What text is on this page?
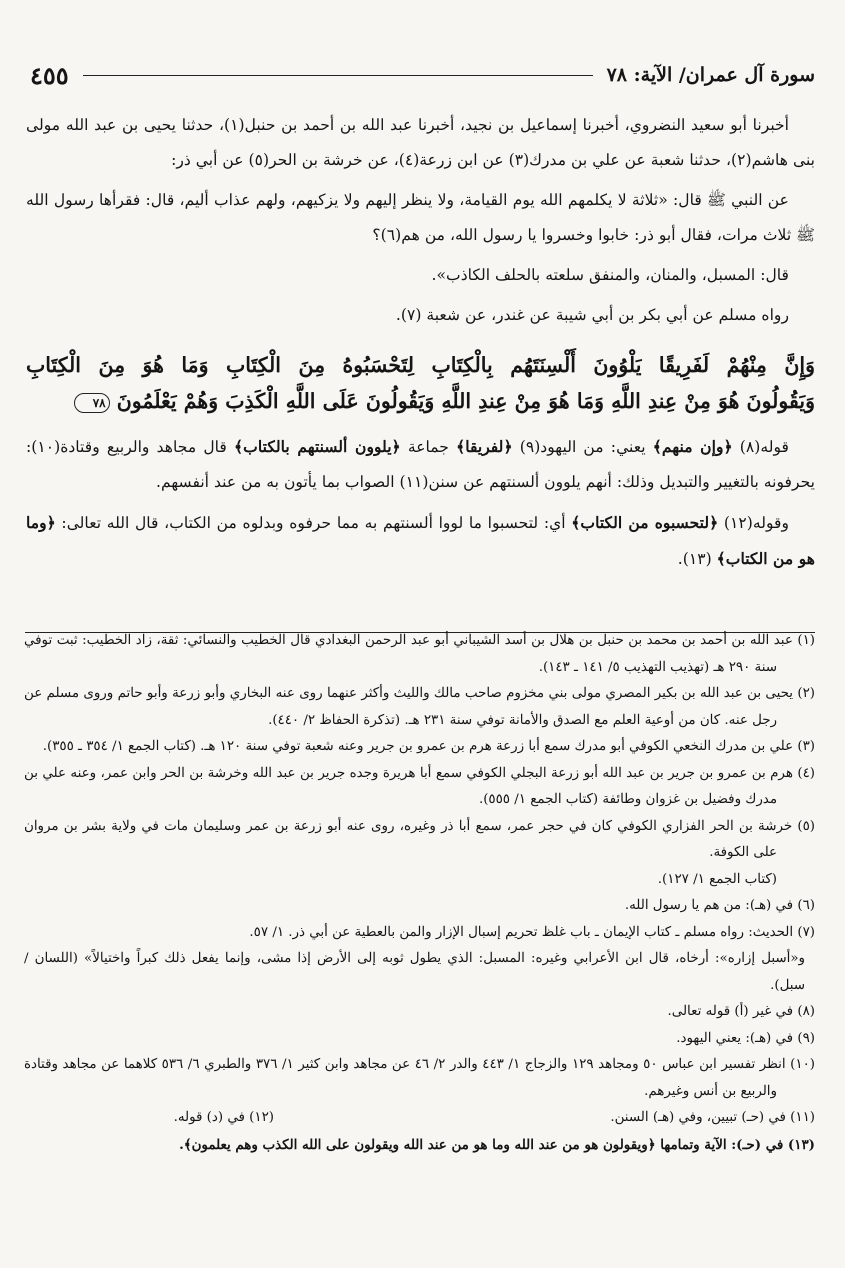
سورة آل عمران/ الآية: ٧٨
٤٥٥

أخبرنا أبو سعيد النضروي، أخبرنا إسماعيل بن نجيد، أخبرنا عبد الله بن أحمد بن حنبل(١)، حدثنا يحيى بن عبد الله مولى بنى هاشم(٢)، حدثنا شعبة عن علي بن مدرك(٣) عن ابن زرعة(٤)، عن خرشة بن الحر(٥) عن أبي ذر:

عن النبي ﷺ قال: «ثلاثة لا يكلمهم الله يوم القيامة، ولا ينظر إليهم ولا يزكيهم، ولهم عذاب أليم، قال: فقرأها رسول الله ﷺ ثلاث مرات، فقال أبو ذر: خابوا وخسروا يا رسول الله، من هم(٦)؟

قال: المسبل، والمنان، والمنفق سلعته بالحلف الكاذب».

رواه مسلم عن أبي بكر بن أبي شيبة عن غندر، عن شعبة (٧).

وَإِنَّ مِنْهُمْ لَفَرِيقًا يَلْوُونَ أَلْسِنَتَهُم بِالْكِتَابِ لِتَحْسَبُوهُ مِنَ الْكِتَابِ وَمَا هُوَ مِنَ الْكِتَابِ
وَيَقُولُونَ هُوَ مِنْ عِندِ اللَّهِ وَمَا هُوَ مِنْ عِندِ اللَّهِ وَيَقُولُونَ عَلَى اللَّهِ الْكَذِبَ وَهُمْ يَعْلَمُونَ ٧٨

قوله(٨) ﴿وإن منهم﴾ يعني: من اليهود(٩) ﴿لفريقا﴾ جماعة ﴿يلوون ألسنتهم بالكتاب﴾ قال مجاهد والربيع وقتادة(١٠): يحرفونه بالتغيير والتبديل وذلك: أنهم يلوون ألسنتهم عن سنن(١١) الصواب بما يأتون به من عند أنفسهم.

وقوله(١٢) ﴿لتحسبوه من الكتاب﴾ أي: لتحسبوا ما لووا ألسنتهم به مما حرفوه وبدلوه من الكتاب، قال الله تعالى: ﴿وما هو من الكتاب﴾ (١٣).

(١) عبد الله بن أحمد بن محمد بن حنبل بن هلال بن أسد الشيباني أبو عبد الرحمن البغدادي قال الخطيب والنسائي: ثقة، زاد الخطيب: ثبت توفي سنة ٢٩٠ هـ (تهذيب التهذيب ٥/ ١٤١ ـ ١٤٣).

(٢) يحيى بن عبد الله بن بكير المصري مولى بني مخزوم صاحب مالك والليث وأكثر عنهما روى عنه البخاري وأبو زرعة وأبو حاتم وروى مسلم عن رجل عنه. كان من أوعية العلم مع الصدق والأمانة توفي سنة ٢٣١ هـ. (تذكرة الحفاظ ٢/ ٤٤٠).

(٣) علي بن مدرك النخعي الكوفي أبو مدرك سمع أبا زرعة هرم بن عمرو بن جرير وعنه شعبة توفي سنة ١٢٠ هـ. (كتاب الجمع ١/ ٣٥٤ ـ ٣٥٥).

(٤) هرم بن عمرو بن جرير بن عبد الله أبو زرعة البجلي الكوفي سمع أبا هريرة وجده جرير بن عبد الله وخرشة بن الحر وابن عمر، وعنه علي بن مدرك وفضيل بن غزوان وطائفة (كتاب الجمع ١/ ٥٥٥).

(٥) خرشة بن الحر الفزاري الكوفي كان في حجر عمر، سمع أبا ذر وغيره، روى عنه أبو زرعة بن عمر وسليمان مات في ولاية بشر بن مروان على الكوفة.

(كتاب الجمع ١/ ١٢٧).

(٦) في (هـ): من هم يا رسول الله.

(٧) الحديث: رواه مسلم ـ كتاب الإيمان ـ باب غلظ تحريم إسبال الإزار والمن بالعطية عن أبي ذر. ١/ ٥٧.

و«أسبل إزاره»: أرخاه، قال ابن الأعرابي وغيره: المسبل: الذي يطول ثوبه إلى الأرض إذا مشى، وإنما يفعل ذلك كبراً واختيالاً» (اللسان / سبل).

(٨) في غير (أ) قوله تعالى.

(٩) في (هـ): يعني اليهود.

(١٠) انظر تفسير ابن عباس ٥٠ ومجاهد ١٢٩ والزجاج ١/ ٤٤٣ والدر ٢/ ٤٦ عن مجاهد وابن كثير ١/ ٣٧٦ والطبري ٦/ ٥٣٦ كلاهما عن مجاهد وقتادة والربيع بن أنس وغيرهم.

(١١) في (حـ) تبيين، وفي (هـ) السنن.
(١٢) في (د) قوله.

(١٣) في (حـ): الآية وتمامها ﴿ويقولون هو من عند الله وما هو من عند الله ويقولون على الله الكذب وهم يعلمون﴾.
